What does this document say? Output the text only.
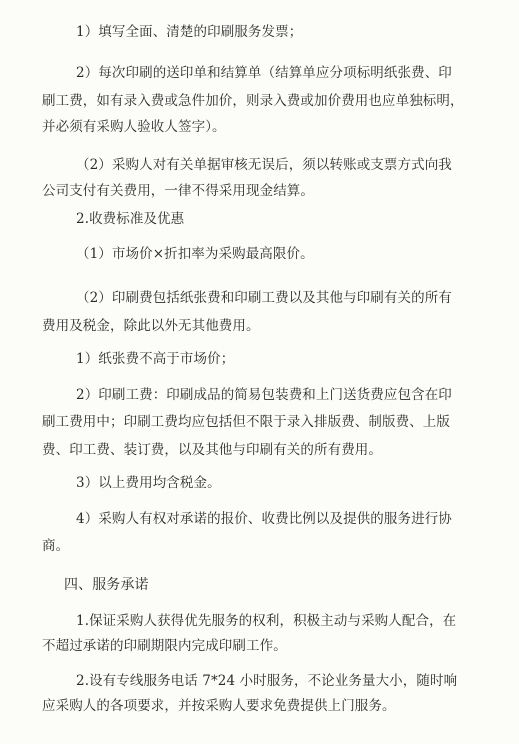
1）填写全面、清楚的印刷服务发票；
2）每次印刷的送印单和结算单（结算单应分项标明纸张费、印
刷工费，如有录入费或急件加价，则录入费或加价费用也应单独标明，
并必须有采购人验收人签字）。
（2）采购人对有关单据审核无误后，须以转账或支票方式向我
公司支付有关费用，一律不得采用现金结算。
2.收费标准及优惠
（1）市场价×折扣率为采购最高限价。
（2）印刷费包括纸张费和印刷工费以及其他与印刷有关的所有
费用及税金，除此以外无其他费用。
1）纸张费不高于市场价；
2）印刷工费：印刷成品的简易包装费和上门送货费应包含在印
刷工费用中；印刷工费均应包括但不限于录入排版费、制版费、上版
费、印工费、装订费，以及其他与印刷有关的所有费用。
3）以上费用均含税金。
4）采购人有权对承诺的报价、收费比例以及提供的服务进行协
商。
四、服务承诺
1.保证采购人获得优先服务的权利，积极主动与采购人配合，在
不超过承诺的印刷期限内完成印刷工作。
2.设有专线服务电话 7*24 小时服务，不论业务量大小，随时响
应采购人的各项要求，并按采购人要求免费提供上门服务。
